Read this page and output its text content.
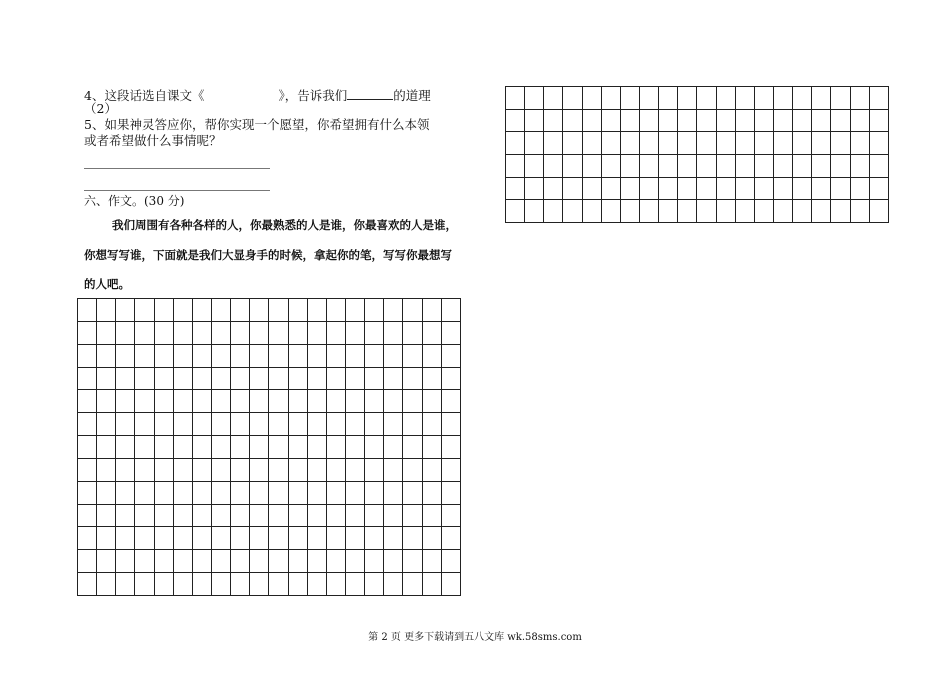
4、这段话选自课文《	》，告诉我们	的道理
（2）
5、如果神灵答应你，帮你实现一个愿望，你希望拥有什么本领
或者希望做什么事情呢？
六、作文。(30 分)
我们周围有各种各样的人，你最熟悉的人是谁，你最喜欢的人是谁，
你想写写谁，下面就是我们大显身手的时候，拿起你的笔，写写你最想写
的人吧。

第 2 页 更多下载请到五八文库 wk.58sms.com
